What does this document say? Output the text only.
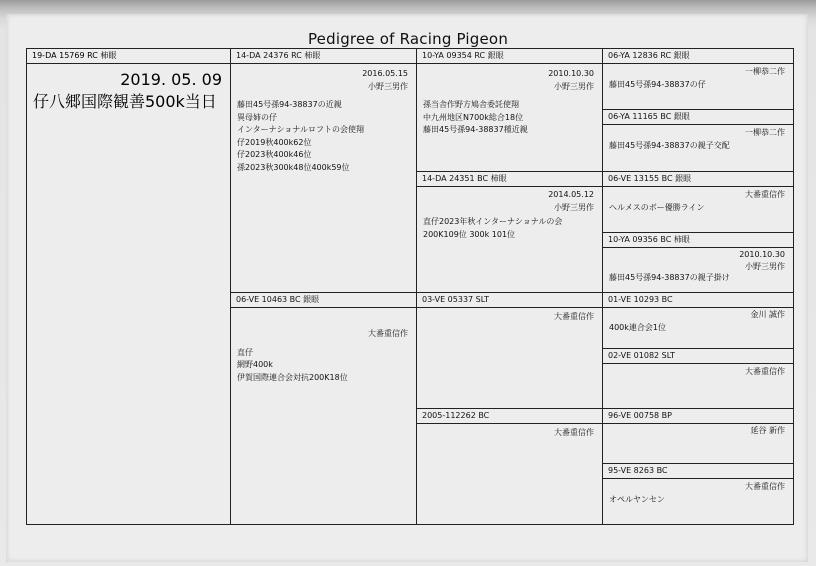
Pedigree of Racing Pigeon
19-DA 15769 RC 柿眼
2019. 05. 09
仔八郷国際観善500k当日
14-DA 24376 RC 柿眼
2016.05.15
小野三男作
藤田45号孫94-38837の近親
異母姉の仔
インターナショナルロフトの会使翔
仔2019秋400k62位
仔2023秋400k46位
孫2023秋300k48位400k59位
06-VE 10463 BC 銀眼
大番重信作
直仔
網野400k
伊賀国際連合会対抗200K18位
10-YA 09354 RC 銀眼
2010.10.30
小野三男作
孫当舎作野方鳩舎委託使翔
中九州地区N700k総合18位
藤田45号孫94-38837種近親
14-DA 24351 BC 柿眼
2014.05.12
小野三男作
直仔2023年秋インターナショナルの会
200K109位 300k 101位
03-VE 05337 SLT
大番重信作
2005-112262 BC
大番重信作
06-YA 12836 RC 銀眼
一柳恭二作
藤田45号孫94-38837の仔
06-YA 11165 BC 銀眼
一柳恭二作
藤田45号孫94-38837の親子交配
06-VE 13155 BC 銀眼
大番重信作
ヘルメスのボー優勝ライン
10-YA 09356 BC 柿眼
2010.10.30
小野三男作
藤田45号孫94-38837の親子掛け
01-VE 10293 BC
金川 誠作
400k連合会1位
02-VE 01082 SLT
大番重信作
96-VE 00758 BP
延谷 新作
95-VE 8263 BC
大番重信作
オペルヤンセン
